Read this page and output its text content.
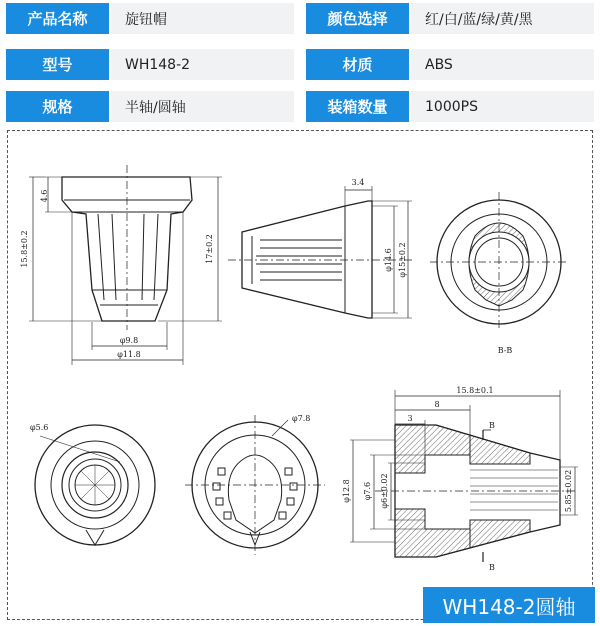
产品名称	旋钮帽	颜色选择	红/白/蓝/绿/黄/黑
型号	WH148-2	材质	ABS
规格	半轴/圆轴	装箱数量	1000PS
4.6
15.8±0.2	17±0.2
φ9.8
φ11.8
3.4
φ14.6 φ15±0.2
B-B
φ5.6
φ7.8
15.8±0.1
8
3
B
B
φ12.8 φ7.6 φ6±0.02	5.85±0.02
WH148-2圆轴
